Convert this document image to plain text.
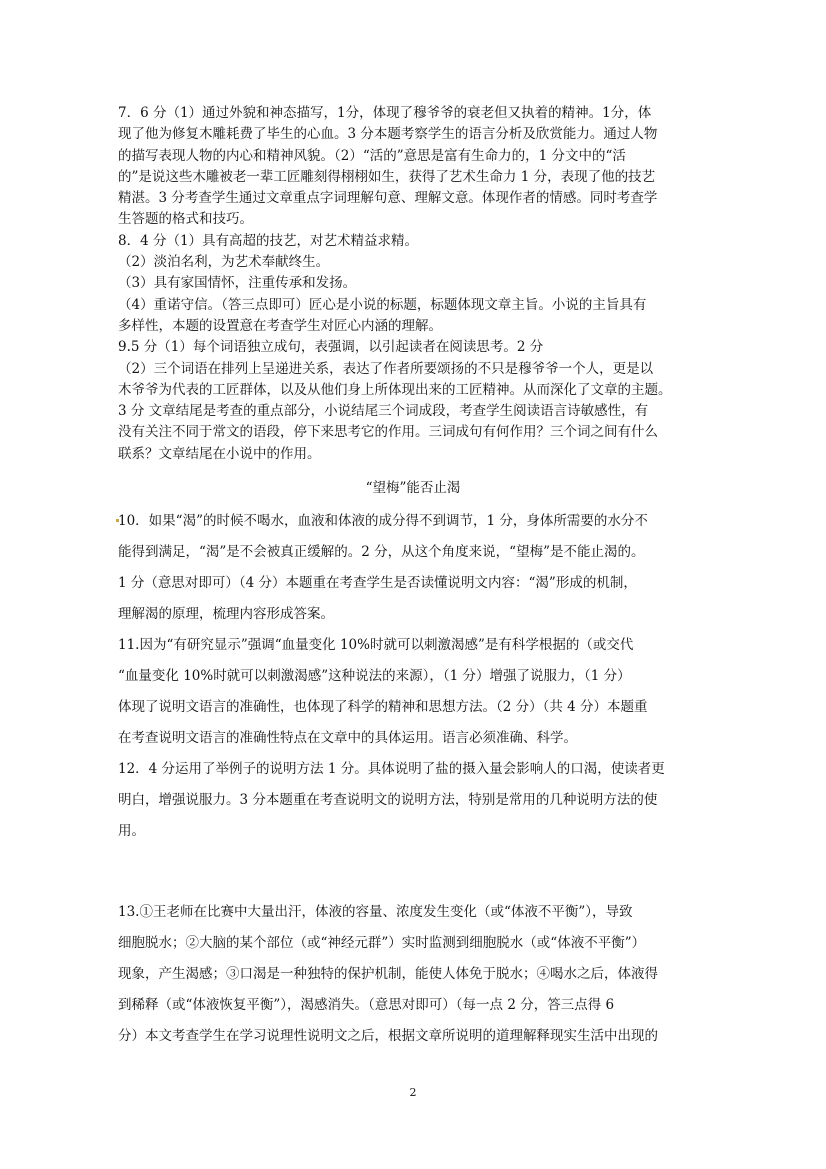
7．6 分（1）通过外貌和神态描写，1分，体现了穆爷爷的衰老但又执着的精神。1分，体
现了他为修复木雕耗费了毕生的心血。3 分本题考察学生的语言分析及欣赏能力。通过人物
的描写表现人物的内心和精神风貌。（2）“活的”意思是富有生命力的，1 分文中的“活
的”是说这些木雕被老一辈工匠雕刻得栩栩如生，获得了艺术生命力 1 分，表现了他的技艺
精湛。3 分考查学生通过文章重点字词理解句意、理解文意。体现作者的情感。同时考查学
生答题的格式和技巧。
8．4 分（1）具有高超的技艺，对艺术精益求精。
（2）淡泊名利，为艺术奉献终生。
（3）具有家国情怀，注重传承和发扬。
（4）重诺守信。（答三点即可）匠心是小说的标题，标题体现文章主旨。小说的主旨具有
多样性，本题的设置意在考查学生对匠心内涵的理解。
9.5 分（1）每个词语独立成句，表强调，以引起读者在阅读思考。2 分
（2）三个词语在排列上呈递进关系，表达了作者所要颂扬的不只是穆爷爷一个人，更是以
木爷爷为代表的工匠群体，以及从他们身上所体现出来的工匠精神。从而深化了文章的主题。
3 分 文章结尾是考查的重点部分，小说结尾三个词成段，考查学生阅读语言诗敏感性，有
没有关注不同于常文的语段，停下来思考它的作用。三词成句有何作用？三个词之间有什么
联系？文章结尾在小说中的作用。
“望梅”能否止渴
10．如果“渴”的时候不喝水，血液和体液的成分得不到调节，1 分，身体所需要的水分不
能得到满足，“渴”是不会被真正缓解的。2 分，从这个角度来说，“望梅”是不能止渴的。
1 分（意思对即可）（4 分）本题重在考查学生是否读懂说明文内容：“渴”形成的机制，
理解渴的原理，梳理内容形成答案。
11.因为“有研究显示”强调“血量变化 10%时就可以刺激渴感”是有科学根据的（或交代
“血量变化 10%时就可以刺激渴感”这种说法的来源），（1 分）增强了说服力，（1 分）
体现了说明文语言的准确性，也体现了科学的精神和思想方法。（2 分）（共 4 分）本题重
在考查说明文语言的准确性特点在文章中的具体运用。语言必须准确、科学。
12．4 分运用了举例子的说明方法 1 分。具体说明了盐的摄入量会影响人的口渴，使读者更
明白，增强说服力。3 分本题重在考查说明文的说明方法，特别是常用的几种说明方法的使
用。
13.①王老师在比赛中大量出汗，体液的容量、浓度发生变化（或“体液不平衡”），导致
细胞脱水；②大脑的某个部位（或“神经元群”）实时监测到细胞脱水（或“体液不平衡”）
现象，产生渴感；③口渴是一种独特的保护机制，能使人体免于脱水；④喝水之后，体液得
到稀释（或“体液恢复平衡”），渴感消失。（意思对即可）（每一点 2 分，答三点得 6
分）本文考查学生在学习说理性说明文之后，根据文章所说明的道理解释现实生活中出现的
2
